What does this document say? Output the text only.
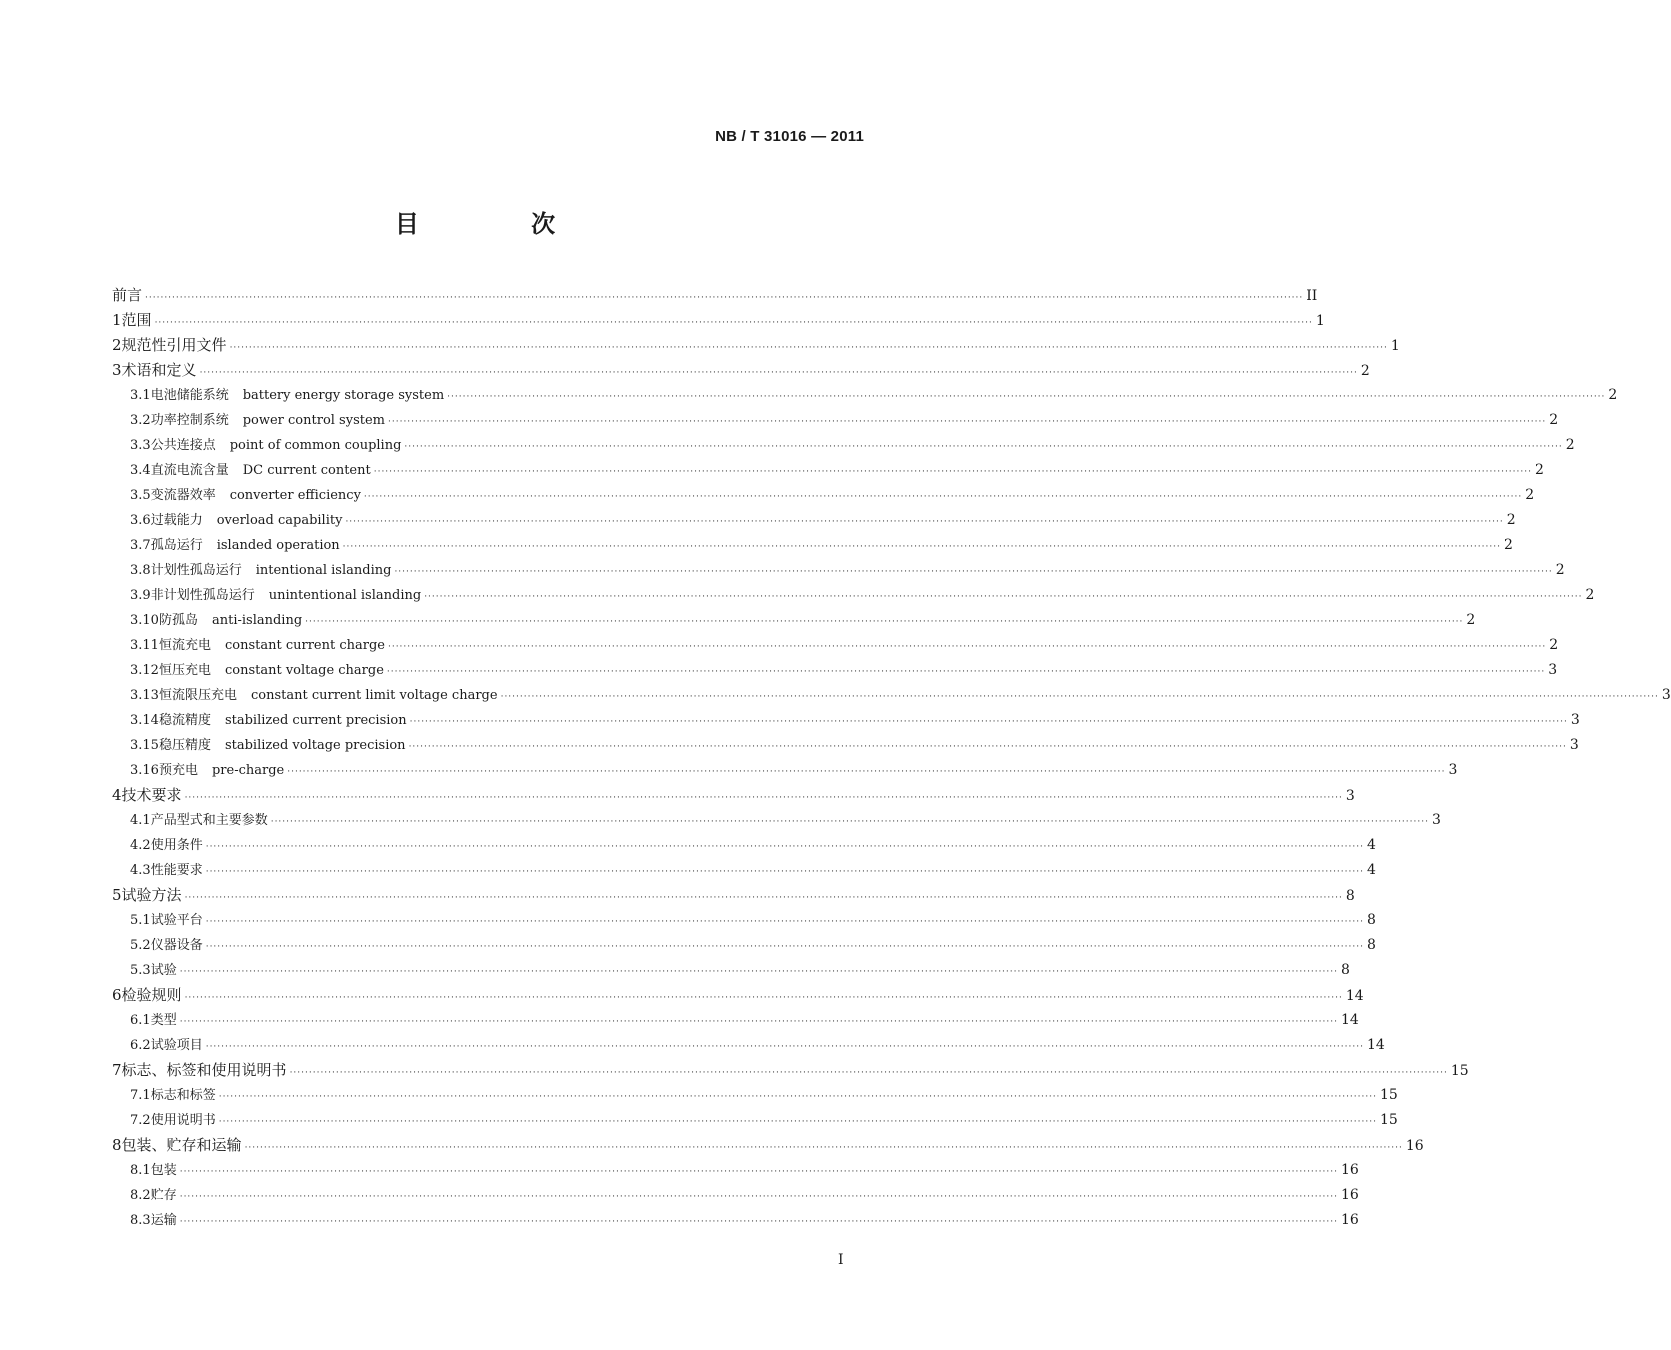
NB / T 31016 — 2011
目 次
前言 ············································································································································································································································································································ II
1 范围 ············································································································································································································································································································ 1
2 规范性引用文件 ············································································································································································································································································································ 1
3 术语和定义 ············································································································································································································································································································ 2
3.1 电池储能系统 battery energy storage system ············································································································································································································································································································ 2
3.2 功率控制系统 power control system ············································································································································································································································································································ 2
3.3 公共连接点 point of common coupling ············································································································································································································································································································ 2
3.4 直流电流含量 DC current content ············································································································································································································································································································ 2
3.5 变流器效率 converter efficiency ············································································································································································································································································································ 2
3.6 过载能力 overload capability ············································································································································································································································································································ 2
3.7 孤岛运行 islanded operation ············································································································································································································································································································ 2
3.8 计划性孤岛运行 intentional islanding ············································································································································································································································································································ 2
3.9 非计划性孤岛运行 unintentional islanding ············································································································································································································································································································ 2
3.10 防孤岛 anti-islanding ············································································································································································································································································································ 2
3.11 恒流充电 constant current charge ············································································································································································································································································································ 2
3.12 恒压充电 constant voltage charge ············································································································································································································································································································ 3
3.13 恒流限压充电 constant current limit voltage charge ············································································································································································································································································································ 3
3.14 稳流精度 stabilized current precision ············································································································································································································································································································ 3
3.15 稳压精度 stabilized voltage precision ············································································································································································································································································································ 3
3.16 预充电 pre-charge ············································································································································································································································································································ 3
4 技术要求 ············································································································································································································································································································ 3
4.1 产品型式和主要参数 ············································································································································································································································································································ 3
4.2 使用条件 ············································································································································································································································································································ 4
4.3 性能要求 ············································································································································································································································································································ 4
5 试验方法 ············································································································································································································································································································ 8
5.1 试验平台 ············································································································································································································································································································ 8
5.2 仪器设备 ············································································································································································································································································································ 8
5.3 试验 ············································································································································································································································································································ 8
6 检验规则 ············································································································································································································································································································ 14
6.1 类型 ············································································································································································································································································································ 14
6.2 试验项目 ············································································································································································································································································································ 14
7 标志、标签和使用说明书 ············································································································································································································································································································ 15
7.1 标志和标签 ············································································································································································································································································································ 15
7.2 使用说明书 ············································································································································································································································································································ 15
8 包装、贮存和运输 ············································································································································································································································································································ 16
8.1 包装 ············································································································································································································································································································ 16
8.2 贮存 ············································································································································································································································································································ 16
8.3 运输 ············································································································································································································································································································ 16
I
